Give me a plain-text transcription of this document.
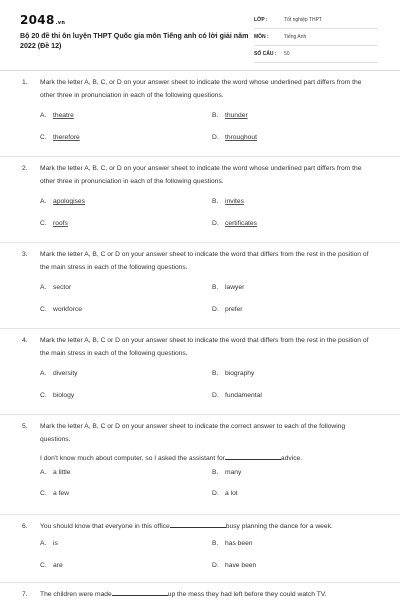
2048.vn
Bộ 20 đề thi ôn luyện THPT Quốc gia môn Tiếng anh có lời giải năm 2022 (Đề 12)
LỚP :	Tốt nghiệp THPT
MÔN :	Tiếng Anh
SỐ CÂU : 50
1. Mark the letter A, B, C, or D on your answer sheet to indicate the word whose underlined part differs from the other three in pronunciation in each of the following questions.
A. theatre	B. thunder
C. therefore	D. throughout
2. Mark the letter A, B, C, or D on your answer sheet to indicate the word whose underlined part differs from the other three in pronunciation in each of the following questions.
A. apologises	B. invites
C. roofs	D. certificates
3. Mark the letter A, B, C or D on your answer sheet to indicate the word that differs from the rest in the position of the main stress in each of the following questions.
A. sector	B. lawyer
C. workforce	D. prefer
4. Mark the letter A, B, C or D on your answer sheet to indicate the word that differs from the rest in the position of the main stress in each of the following questions.
A. diversity	B. biography
C. biology	D. fundamental
5. Mark the letter A, B, C or D on your answer sheet to indicate the correct answer to each of the following questions.
I don't know much about computer, so I asked the assistant for	advice.
A. a little	B. many
C. a few	D. a lot
6. You should know that everyone in this office	busy planning the dance for a week.
A. is	B. has been
C. are	D. have been
7. The children were made	up the mess they had left before they could watch TV.
